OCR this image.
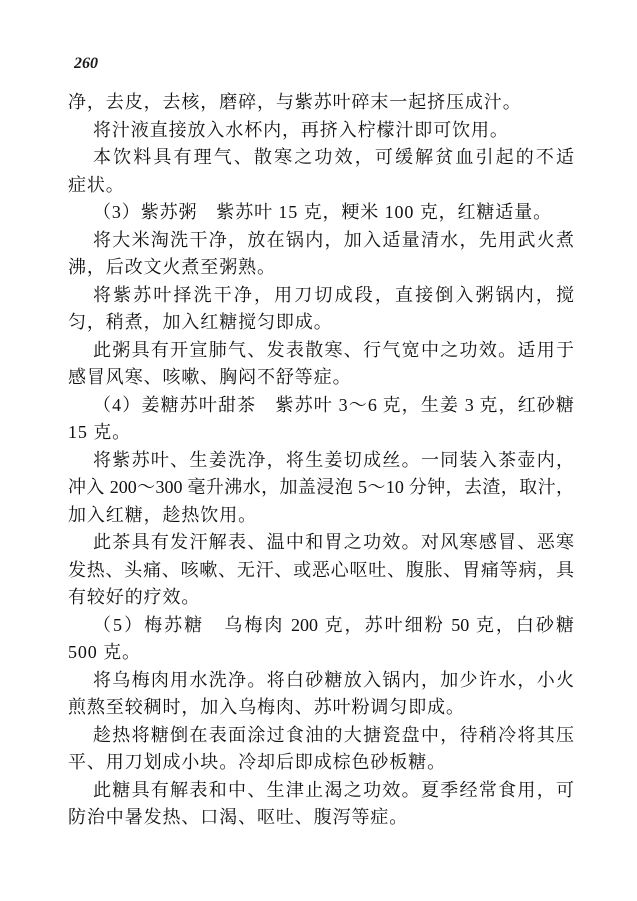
260
净，去皮，去核，磨碎，与紫苏叶碎末一起挤压成汁。
将汁液直接放入水杯内，再挤入柠檬汁即可饮用。
本饮料具有理气、散寒之功效，可缓解贫血引起的不适
症状。
（3）紫苏粥　紫苏叶 15 克，粳米 100 克，红糖适量。
将大米淘洗干净，放在锅内，加入适量清水，先用武火煮
沸，后改文火煮至粥熟。
将紫苏叶择洗干净，用刀切成段，直接倒入粥锅内，搅
匀，稍煮，加入红糖搅匀即成。
此粥具有开宣肺气、发表散寒、行气宽中之功效。适用于
感冒风寒、咳嗽、胸闷不舒等症。
（4）姜糖苏叶甜茶　紫苏叶 3～6 克，生姜 3 克，红砂糖
15 克。
将紫苏叶、生姜洗净，将生姜切成丝。一同装入茶壶内，
冲入 200～300 毫升沸水，加盖浸泡 5～10 分钟，去渣，取汁，
加入红糖，趁热饮用。
此茶具有发汗解表、温中和胃之功效。对风寒感冒、恶寒
发热、头痛、咳嗽、无汗、或恶心呕吐、腹胀、胃痛等病，具
有较好的疗效。
（5）梅苏糖　乌梅肉 200 克，苏叶细粉 50 克，白砂糖
500 克。
将乌梅肉用水洗净。将白砂糖放入锅内，加少许水，小火
煎熬至较稠时，加入乌梅肉、苏叶粉调匀即成。
趁热将糖倒在表面涂过食油的大搪瓷盘中，待稍冷将其压
平、用刀划成小块。冷却后即成棕色砂板糖。
此糖具有解表和中、生津止渴之功效。夏季经常食用，可
防治中暑发热、口渴、呕吐、腹泻等症。
